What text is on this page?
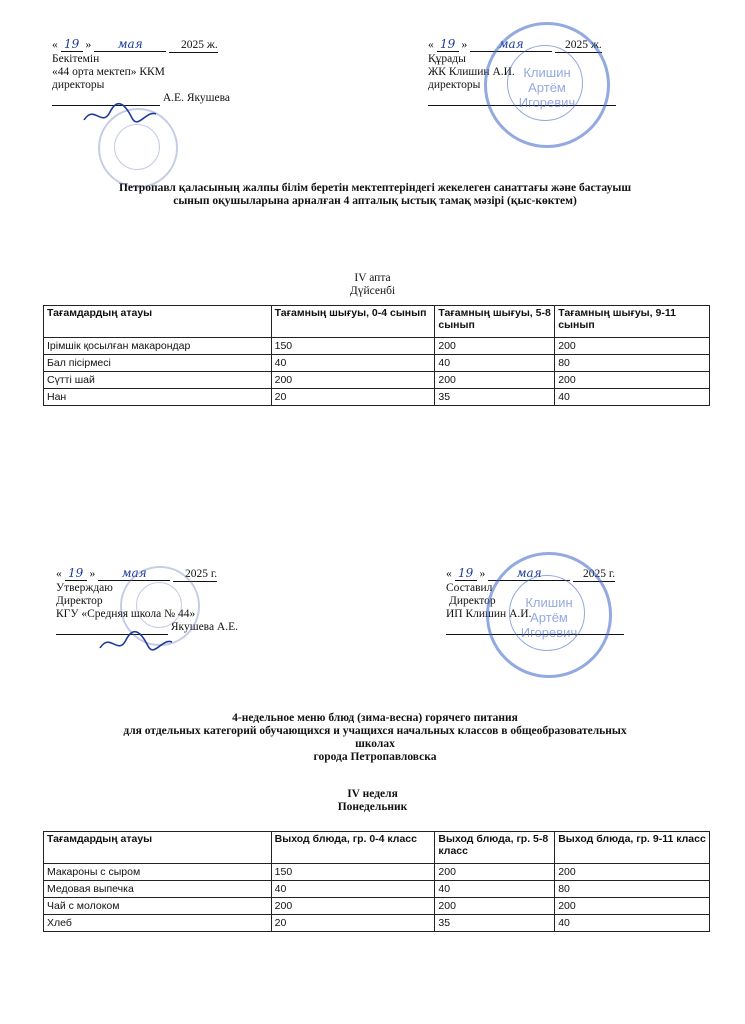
« 19 » мая	2025 ж.
Бекітемін
«44 орта мектеп» ККМ
директоры
А.Е. Якушева
« 19 »	мая	2025 ж.
Құрады
ЖК Клишин А.И.
директоры

Клишин
Артём
Игоревич
Петропавл қаласының жалпы білім беретін мектептеріндегі жекелеген санаттағы және бастауыш
сынып оқушыларына арналған 4 апталық ыстық тамақ мәзірі (қыс-көктем)
IV апта
Дүйсенбі
Тағамдардың атауы	Тағамның шығуы, 0-4 сынып	Тағамның шығуы, 5-8 сынып	Тағамның шығуы, 9-11 сынып
Ірімшік қосылған макарондар	150	200	200
Бал пісірмесі	40	40	80
Сүтті шай	200	200	200
Нан	20	35	40
« 19 » мая	2025 г.
Утверждаю
Директор
КГУ «Средняя школа № 44»
Якушева А.Е.
« 19 »	мая	2025 г.
Составил
Директор
ИП Клишин А.И.

Клишин
Артём
Игоревич
4-недельное меню блюд (зима-весна) горячего питания
для отдельных категорий обучающихся и учащихся начальных классов в общеобразовательных
школах
города Петропавловска
IV неделя
Понедельник
Тағамдардың атауы	Выход блюда, гр. 0-4 класс	Выход блюда, гр. 5-8 класс	Выход блюда, гр. 9-11 класс
Макароны с сыром	150	200	200
Медовая выпечка	40	40	80
Чай с молоком	200	200	200
Хлеб	20	35	40
